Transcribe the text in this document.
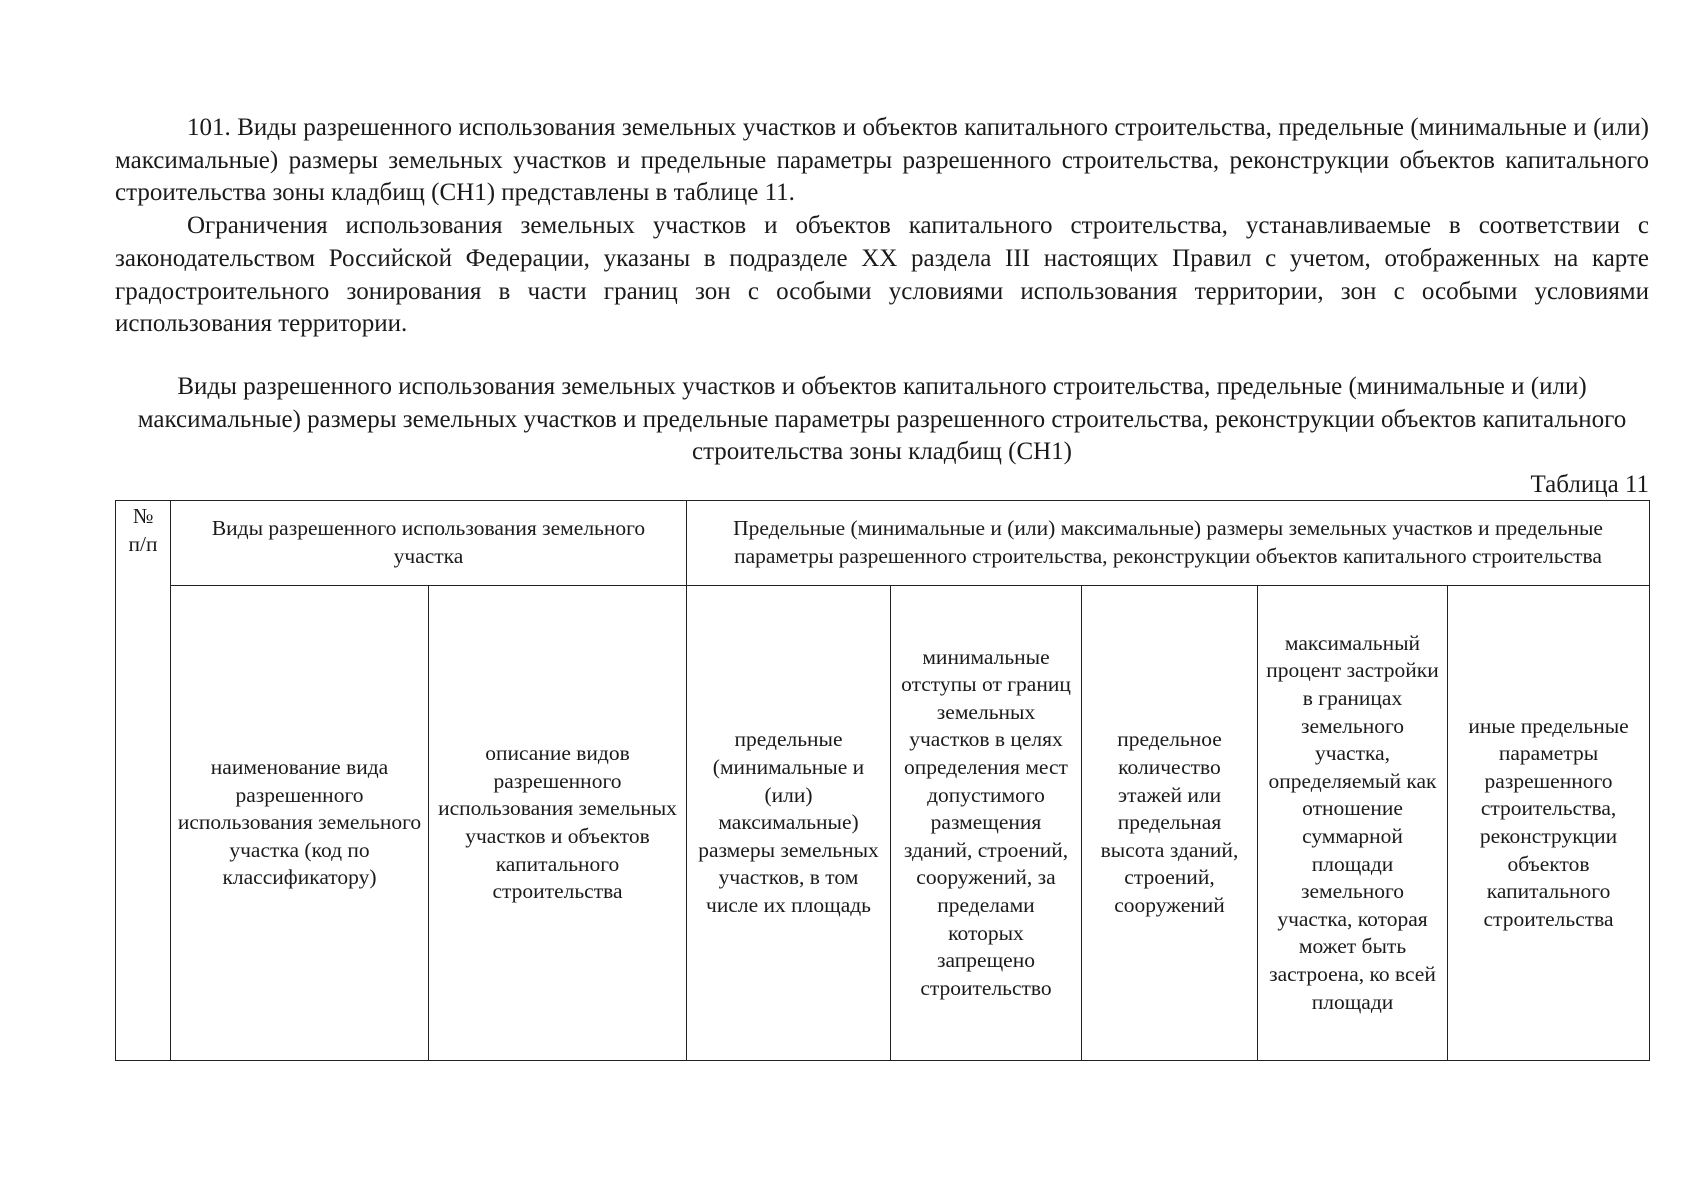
101. Виды разрешенного использования земельных участков и объектов капитального строительства, предельные (минимальные и (или) максимальные) размеры земельных участков и предельные параметры разрешенного строительства, реконструкции объектов капитального строительства зоны кладбищ (СН1) представлены в таблице 11.

Ограничения использования земельных участков и объектов капитального строительства, устанавливаемые в соответствии с законодательством Российской Федерации, указаны в подразделе XX раздела III настоящих Правил с учетом, отображенных на карте градостроительного зонирования в части границ зон с особыми условиями использования территории, зон с особыми условиями использования территории.

Виды разрешенного использования земельных участков и объектов капитального строительства, предельные (минимальные и (или) максимальные) размеры земельных участков и предельные параметры разрешенного строительства, реконструкции объектов капитального строительства зоны кладбищ (СН1)
Таблица 11
№ п/п	Виды разрешенного использования земельного участка		Предельные (минимальные и (или) максимальные) размеры земельных участков и предельные параметры разрешенного строительства, реконструкции объектов капитального строительства				
	наименование вида разрешенного использования земельного участка (код по классификатору)	описание видов разрешенного использования земельных участков и объектов капитального строительства	предельные (минимальные и (или) максимальные) размеры земельных участков, в том числе их площадь	минимальные отступы от границ земельных участков в целях определения мест допустимого размещения зданий, строений, сооружений, за пределами которых запрещено строительство	предельное количество этажей или предельная высота зданий, строений, сооружений	максимальный процент застройки в границах земельного участка, определяемый как отношение суммарной площади земельного участка, которая может быть застроена, ко всей площади	иные предельные параметры разрешенного строительства, реконструкции объектов капитального строительства
